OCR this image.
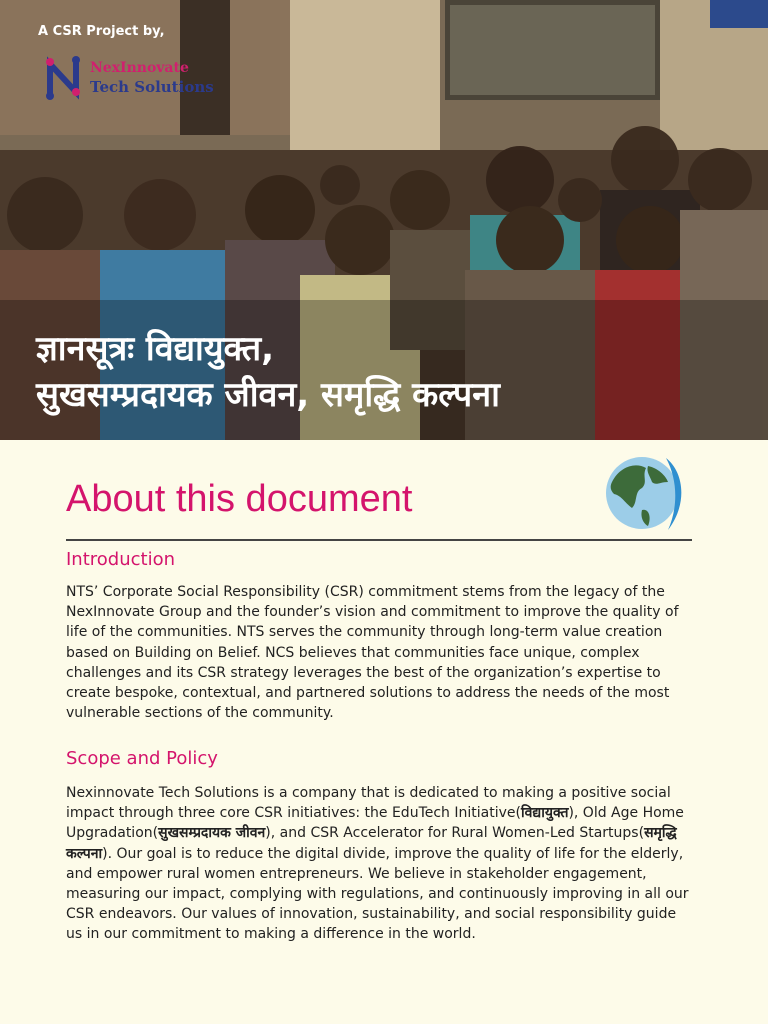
A CSR Project by,
NexInnovate
Tech Solutions
ज्ञानसूत्रः विद्यायुक्त,
सुखसम्प्रदायक जीवन, समृद्धि कल्पना
About this document
Introduction
NTS’ Corporate Social Responsibility (CSR) commitment stems from the legacy of the NexInnovate Group and the founder’s vision and commitment to improve the quality of life of the communities. NTS serves the community through long-term value creation based on Building on Belief. NCS believes that communities face unique, complex challenges and its CSR strategy leverages the best of the organization’s expertise to create bespoke, contextual, and partnered solutions to address the needs of the most vulnerable sections of the community.
Scope and Policy
Nexinnovate Tech Solutions is a company that is dedicated to making a positive social impact through three core CSR initiatives: the EduTech Initiative(विद्यायुक्त), Old Age Home Upgradation(सुखसम्प्रदायक जीवन), and CSR Accelerator for Rural Women-Led Startups(समृद्धि कल्पना). Our goal is to reduce the digital divide, improve the quality of life for the elderly, and empower rural women entrepreneurs. We believe in stakeholder engagement, measuring our impact, complying with regulations, and continuously improving in all our CSR endeavors. Our values of innovation, sustainability, and social responsibility guide us in our commitment to making a difference in the world.
